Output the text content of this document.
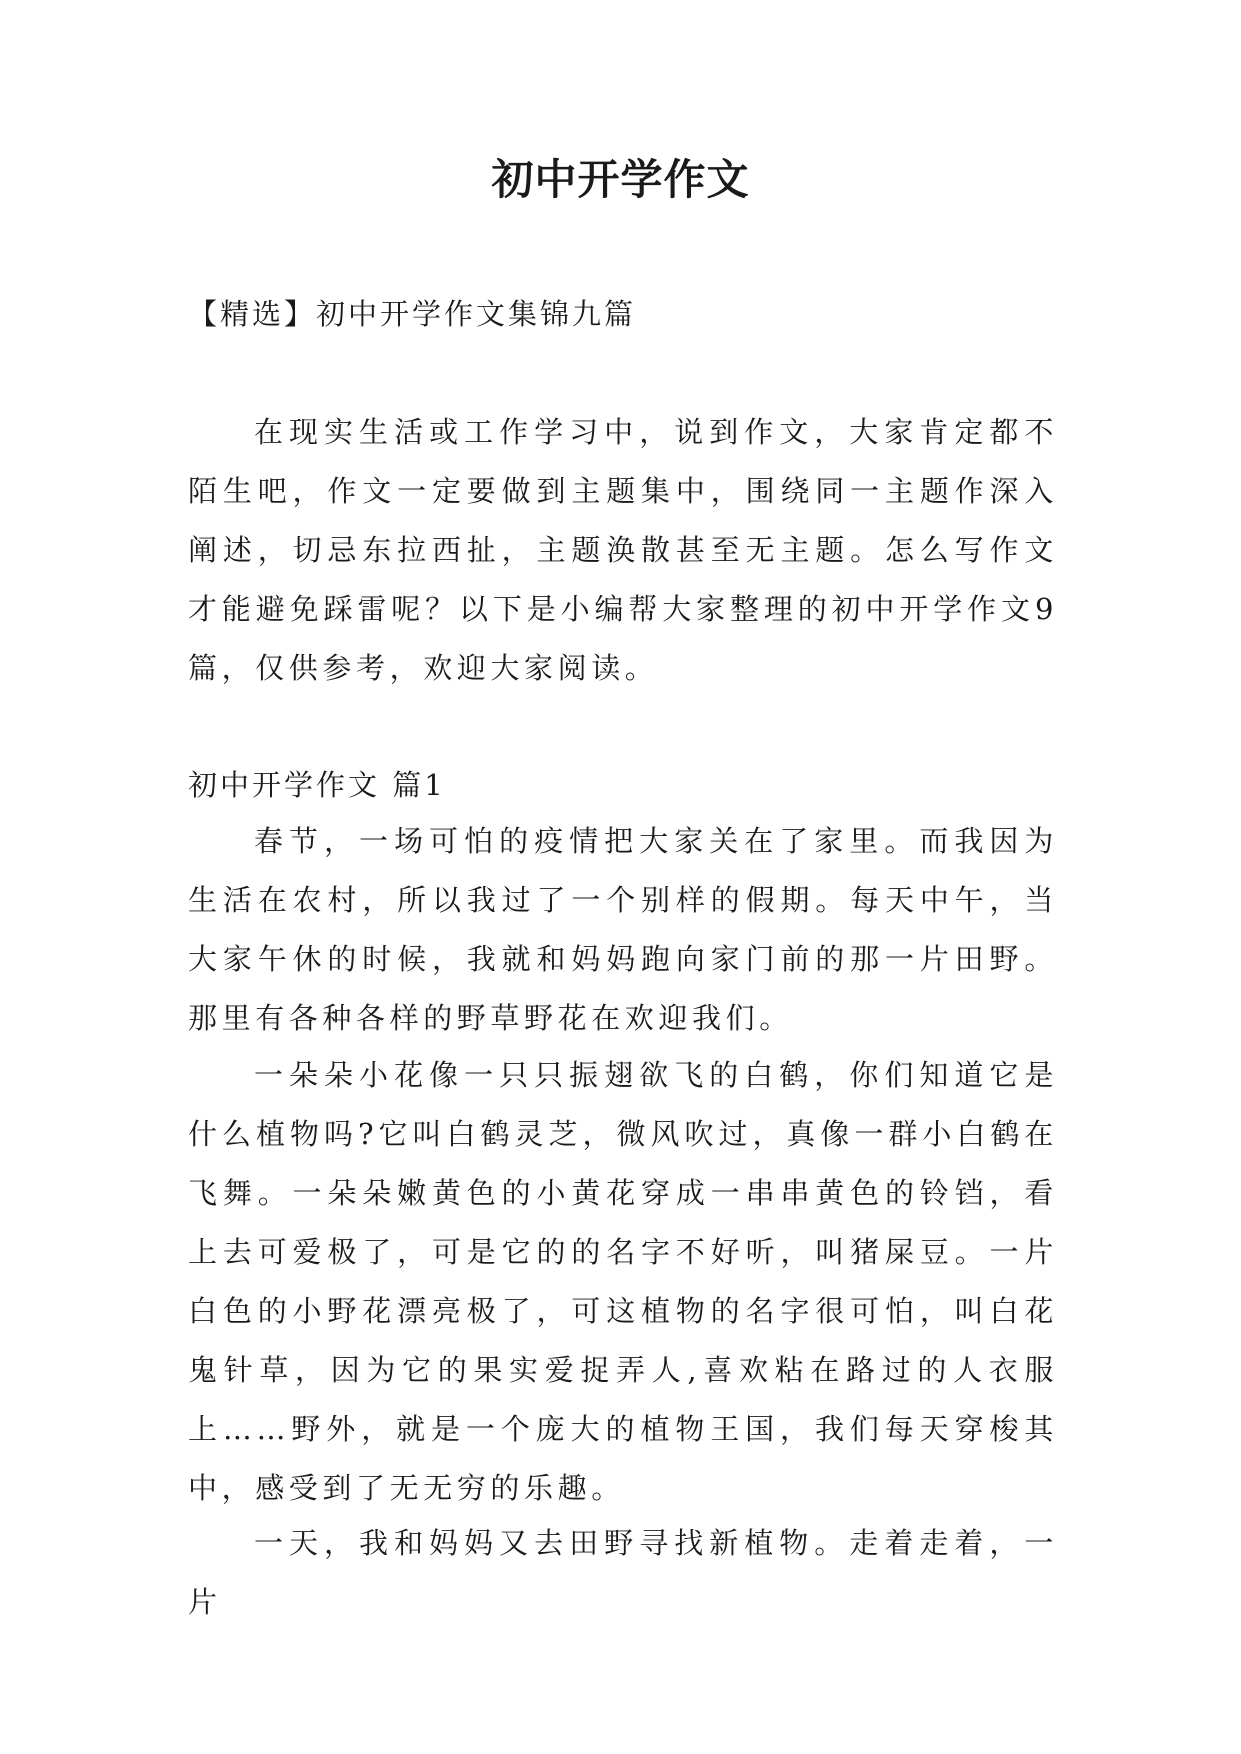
初中开学作文

【精选】初中开学作文集锦九篇

在现实生活或工作学习中，说到作文，大家肯定都不陌生吧，作文一定要做到主题集中，围绕同一主题作深入阐述，切忌东拉西扯，主题涣散甚至无主题。怎么写作文才能避免踩雷呢？以下是小编帮大家整理的初中开学作文9篇，仅供参考，欢迎大家阅读。

初中开学作文 篇1

春节，一场可怕的疫情把大家关在了家里。而我因为生活在农村，所以我过了一个别样的假期。每天中午，当大家午休的时候，我就和妈妈跑向家门前的那一片田野。那里有各种各样的野草野花在欢迎我们。

一朵朵小花像一只只振翅欲飞的白鹤，你们知道它是什么植物吗?它叫白鹤灵芝，微风吹过，真像一群小白鹤在飞舞。一朵朵嫩黄色的小黄花穿成一串串黄色的铃铛，看上去可爱极了，可是它的的名字不好听，叫猪屎豆。一片白色的小野花漂亮极了，可这植物的名字很可怕，叫白花鬼针草，因为它的果实爱捉弄人,喜欢粘在路过的人衣服上……野外，就是一个庞大的植物王国，我们每天穿梭其中，感受到了无无穷的乐趣。

一天，我和妈妈又去田野寻找新植物。走着走着，一片
